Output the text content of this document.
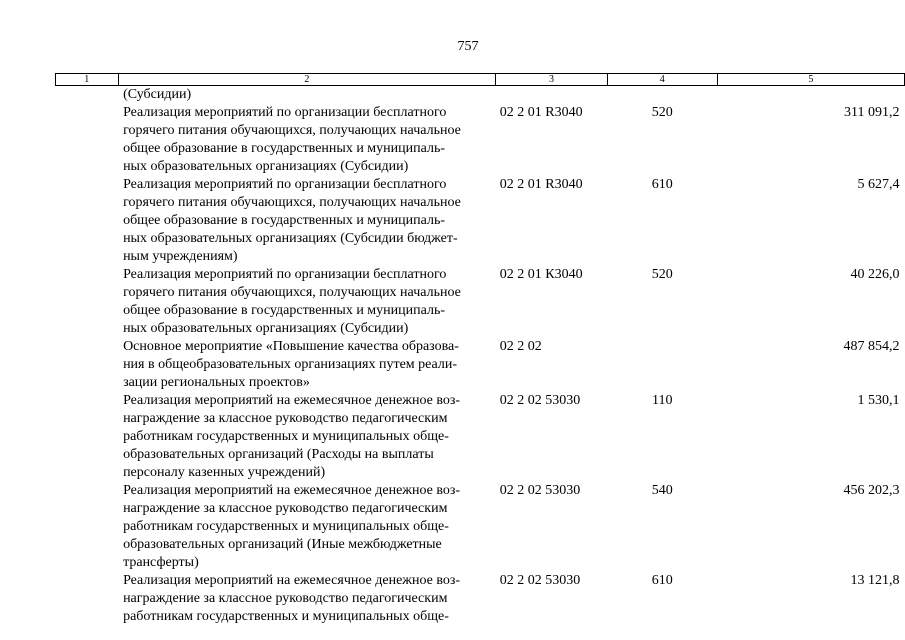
757
1	2	3	4	5

	(Субсидии)			

	Реализация мероприятий по организации бесплатного
горячего питания обучающихся, получающих начальное
общее образование в государственных и муниципаль-
ных образовательных организациях (Субсидии)	02 2 01 R3040	520	311 091,2

	Реализация мероприятий по организации бесплатного
горячего питания обучающихся, получающих начальное
общее образование в государственных и муниципаль-
ных образовательных организациях (Субсидии бюджет-
ным учреждениям)	02 2 01 R3040	610	5 627,4

	Реализация мероприятий по организации бесплатного
горячего питания обучающихся, получающих начальное
общее образование в государственных и муниципаль-
ных образовательных организациях (Субсидии)	02 2 01 К3040	520	40 226,0

	Основное мероприятие «Повышение качества образова-
ния в общеобразовательных организациях путем реали-
зации региональных проектов»	02 2 02		487 854,2

	Реализация мероприятий на ежемесячное денежное воз-
награждение за классное руководство педагогическим
работникам государственных и муниципальных обще-
образовательных организаций (Расходы на выплаты
персоналу казенных учреждений)	02 2 02 53030	110	1 530,1

	Реализация мероприятий на ежемесячное денежное воз-
награждение за классное руководство педагогическим
работникам государственных и муниципальных обще-
образовательных организаций (Иные межбюджетные
трансферты)	02 2 02 53030	540	456 202,3

	Реализация мероприятий на ежемесячное денежное воз-
награждение за классное руководство педагогическим
работникам государственных и муниципальных обще-	02 2 02 53030	610	13 121,8
